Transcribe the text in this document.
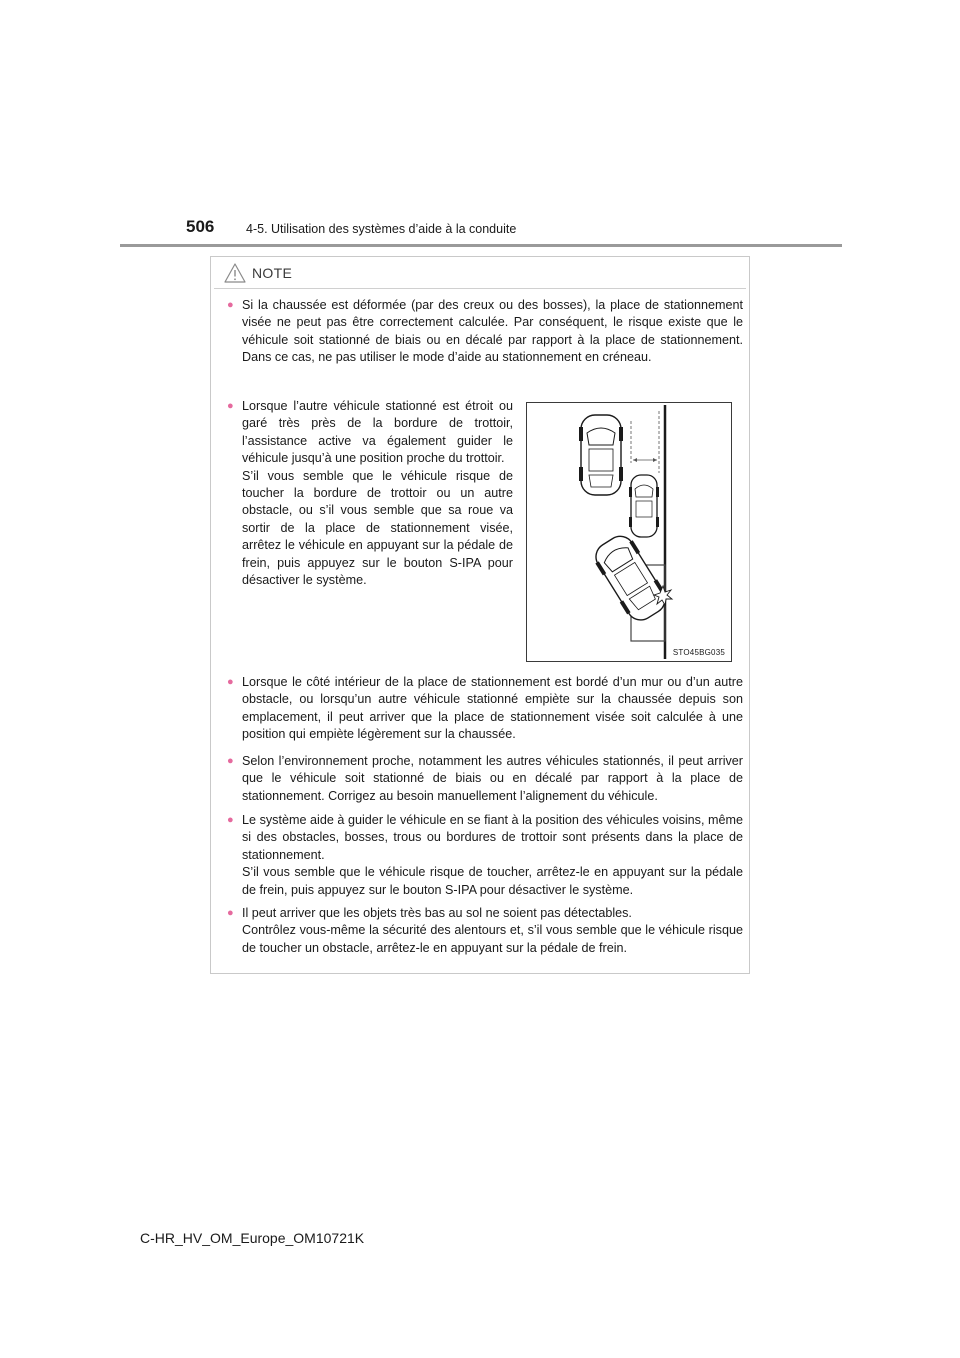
506	4-5. Utilisation des systèmes d’aide à la conduite
NOTE
● Si la chaussée est déformée (par des creux ou des bosses), la place de stationnement visée ne peut pas être correctement calculée. Par conséquent, le risque existe que le véhicule soit stationné de biais ou en décalé par rapport à la place de stationnement. Dans ce cas, ne pas utiliser le mode d’aide au stationnement en créneau.

● Lorsque l’autre véhicule stationné est étroit ou garé très près de la bordure de trottoir, l’assistance active va également guider le véhicule jusqu’à une position proche du trottoir.

S’il vous semble que le véhicule risque de toucher la bordure de trottoir ou un autre obstacle, ou s’il vous semble que sa roue va sortir de la place de stationnement visée, arrêtez le véhicule en appuyant sur la pédale de frein, puis appuyez sur le bouton S-IPA pour désactiver le système.

STO45BG035
● Lorsque le côté intérieur de la place de stationnement est bordé d’un mur ou d’un autre obstacle, ou lorsqu’un autre véhicule stationné empiète sur la chaussée depuis son emplacement, il peut arriver que la place de stationnement visée soit calculée à une position qui empiète légèrement sur la chaussée.

● Selon l’environnement proche, notamment les autres véhicules stationnés, il peut arriver que le véhicule soit stationné de biais ou en décalé par rapport à la place de stationnement. Corrigez au besoin manuellement l’alignement du véhicule.

● Le système aide à guider le véhicule en se fiant à la position des véhicules voisins, même si des obstacles, bosses, trous ou bordures de trottoir sont présents dans la place de stationnement.

S’il vous semble que le véhicule risque de toucher, arrêtez-le en appuyant sur la pédale de frein, puis appuyez sur le bouton S-IPA pour désactiver le système.

● Il peut arriver que les objets très bas au sol ne soient pas détectables.

Contrôlez vous-même la sécurité des alentours et, s’il vous semble que le véhicule risque de toucher un obstacle, arrêtez-le en appuyant sur la pédale de frein.

C-HR_HV_OM_Europe_OM10721K
